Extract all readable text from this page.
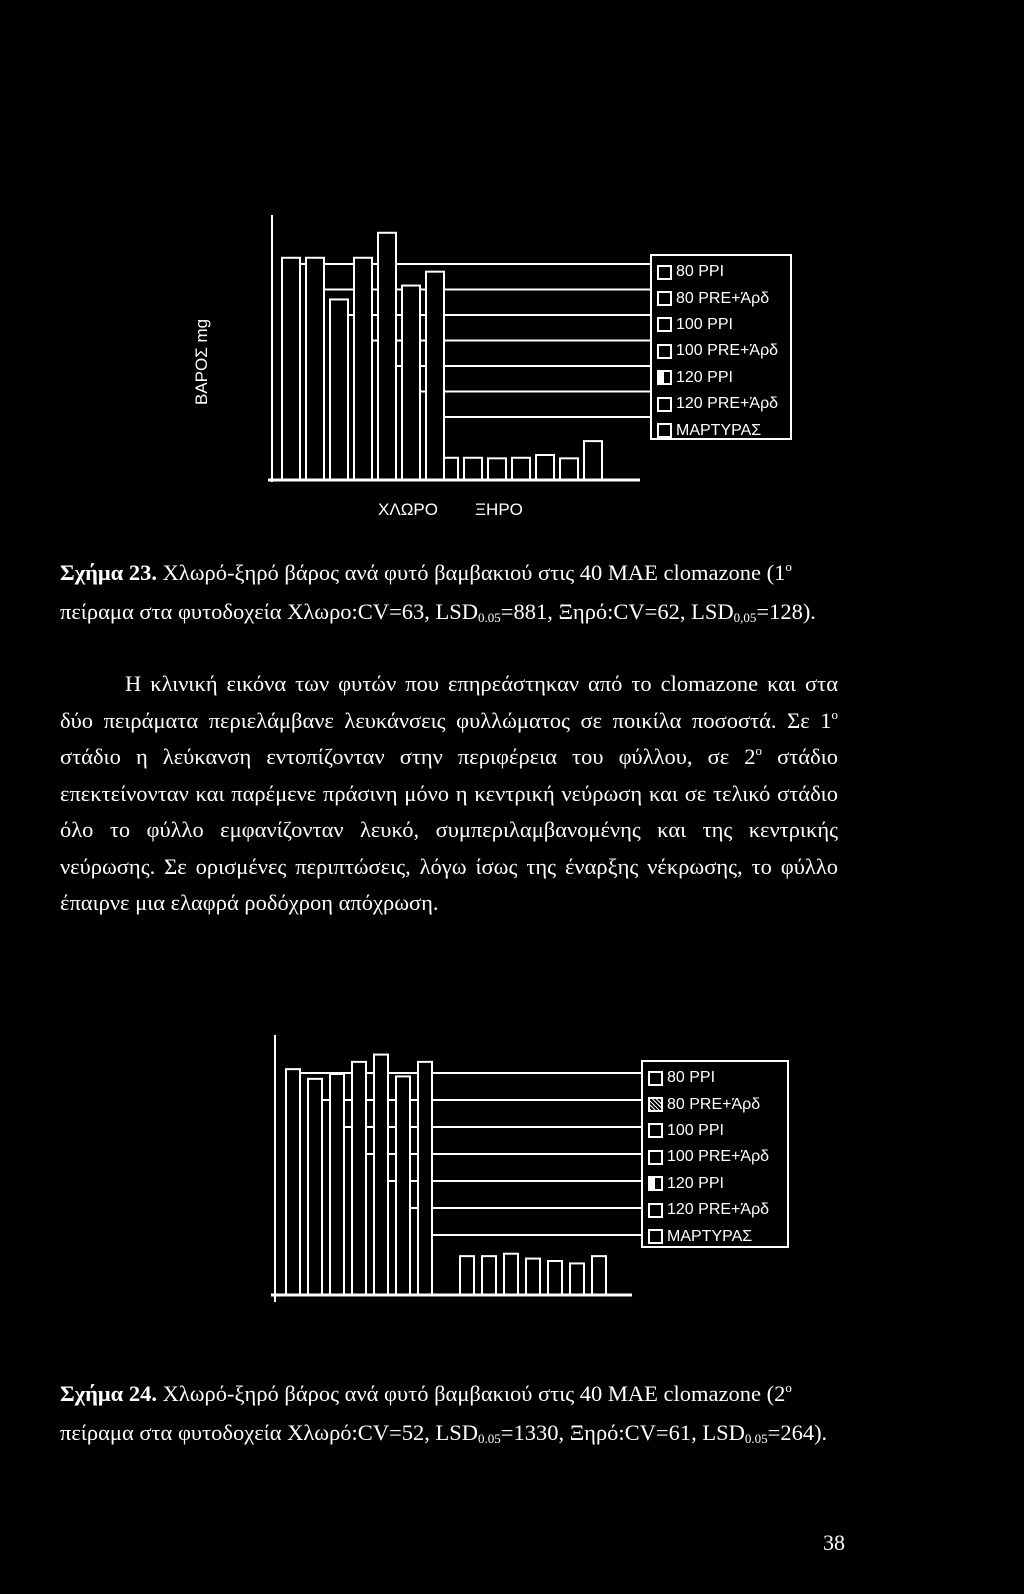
ΒΑΡΟΣ mg
ΧΛΩΡΟ ΞΗΡΟ
80 PPI
80 PRE+Άρδ
100 PPI
100 PRE+Άρδ
120 PPI
120 PRE+Άρδ
ΜΑΡΤΥΡΑΣ
Σχήμα 23. Χλωρό-ξηρό βάρος ανά φυτό βαμβακιού στις 40 ΜΑΕ clomazone ($1^o$
πείραμα στα φυτοδοχεία Χλωρο:CV=63, $LSD_{0.05}=881$, Ξηρό:CV=62, $LSD_{0,05}=128$).
Η κλινική εικόνα των φυτών που επηρεάστηκαν από το clomazone και στα
δύο πειράματα περιελάμβανε λευκάνσεις φυλλώματος σε ποικίλα ποσοστά. Σε $1^o$
στάδιο η λεύκανση εντοπίζονταν στην περιφέρεια του φύλλου, σε $2^o$ στάδιο
επεκτείνονταν και παρέμενε πράσινη μόνο η κεντρική νεύρωση και σε τελικό στάδιο
όλο το φύλλο εμφανίζονταν λευκό, συμπεριλαμβανομένης και της κεντρικής
νεύρωσης. Σε ορισμένες περιπτώσεις, λόγω ίσως της έναρξης νέκρωσης, το φύλλο
έπαιρνε μια ελαφρά ροδόχροη απόχρωση.
80 PPI
80 PRE+Άρδ
100 PPI
100 PRE+Άρδ
120 PPI
120 PRE+Άρδ
ΜΑΡΤΥΡΑΣ
Σχήμα 24. Χλωρό-ξηρό βάρος ανά φυτό βαμβακιού στις 40 ΜΑΕ clomazone ($2^o$
πείραμα στα φυτοδοχεία Χλωρό:CV=52, $LSD_{0.05}=1330$, Ξηρό:CV=61, $LSD_{0.05}=264$).
38
